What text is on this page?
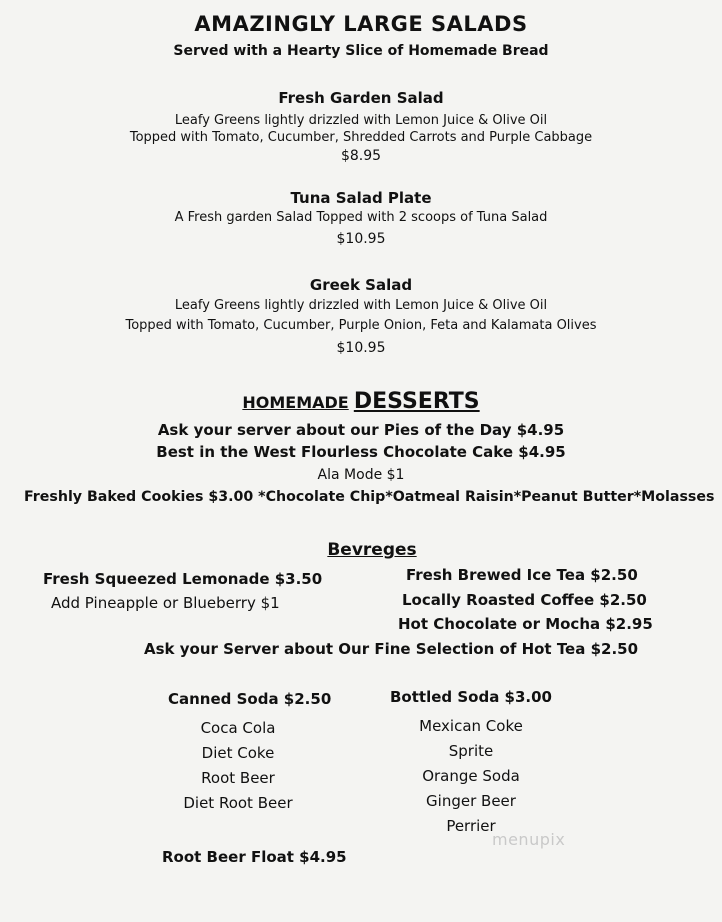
AMAZINGLY LARGE SALADS
Served with a Hearty Slice of Homemade Bread
Fresh Garden Salad
Leafy Greens lightly drizzled with Lemon Juice & Olive Oil
Topped with Tomato, Cucumber, Shredded Carrots and Purple Cabbage
$8.95
Tuna Salad Plate
A Fresh garden Salad Topped with 2 scoops of Tuna Salad
$10.95
Greek Salad
Leafy Greens lightly drizzled with Lemon Juice & Olive Oil
Topped with Tomato, Cucumber, Purple Onion, Feta and Kalamata Olives
$10.95
HOMEMADE DESSERTS
Ask your server about our Pies of the Day $4.95
Best in the West Flourless Chocolate Cake $4.95
Ala Mode $1
Freshly Baked Cookies $3.00 *Chocolate Chip*Oatmeal Raisin*Peanut Butter*Molasses
Bevreges
Fresh Squeezed Lemonade $3.50
Add Pineapple or Blueberry $1
Fresh Brewed Ice Tea $2.50
Locally Roasted Coffee $2.50
Hot Chocolate or Mocha $2.95
Ask your Server about Our Fine Selection of Hot Tea $2.50
Canned Soda $2.50
Coca Cola
Diet Coke
Root Beer
Diet Root Beer
Bottled Soda $3.00
Mexican Coke
Sprite
Orange Soda
Ginger Beer
Perrier
Root Beer Float $4.95
menupix
